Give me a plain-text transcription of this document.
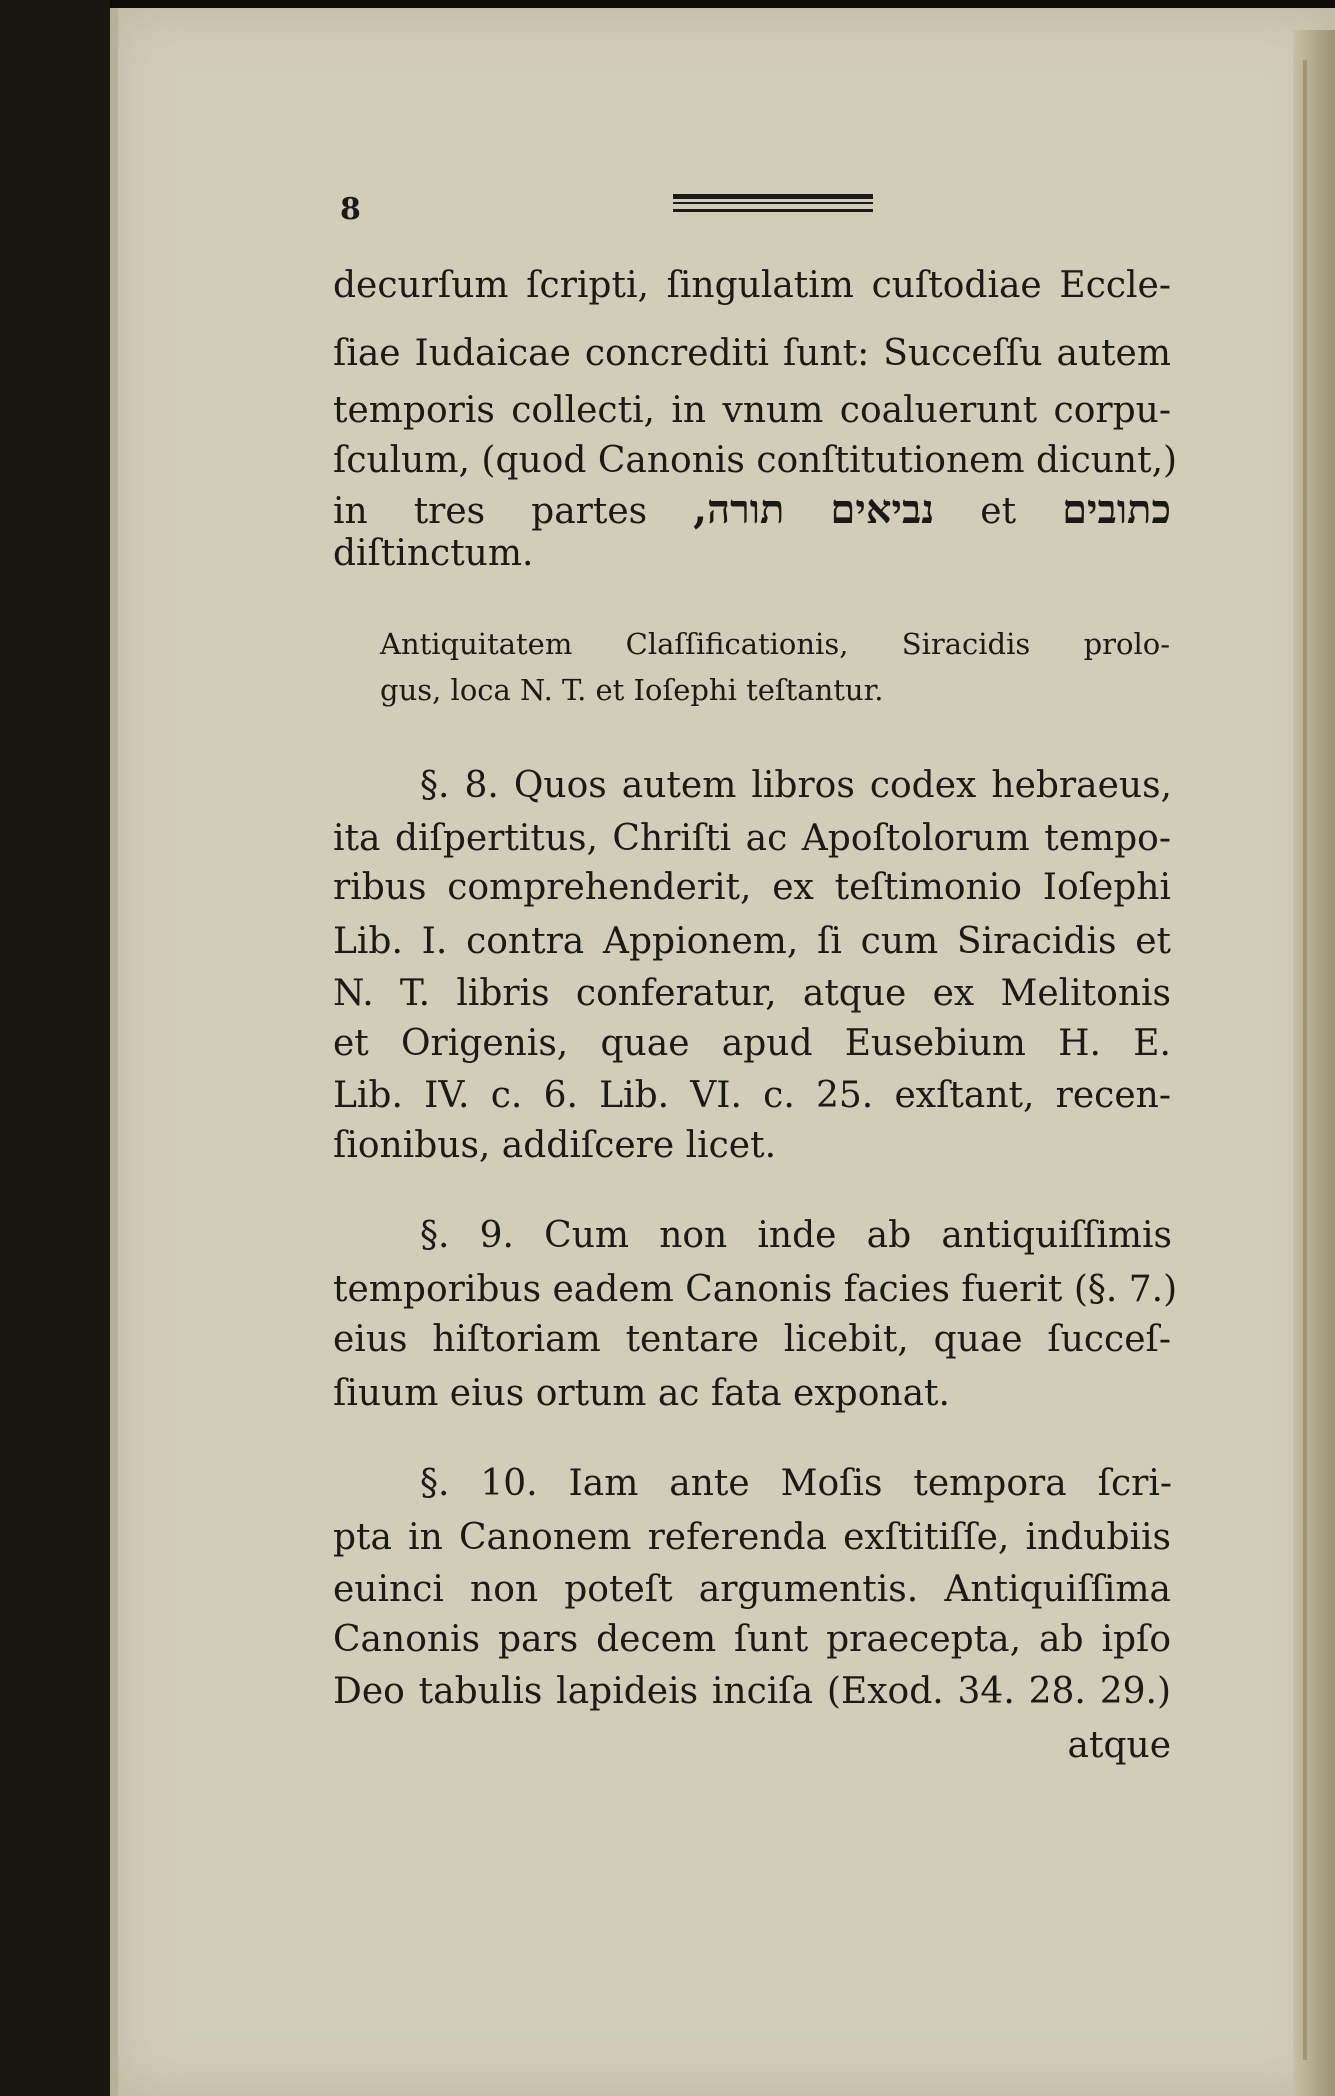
8
decurſum ſcripti, ſingulatim cuſtodiae Eccle-
ſiae Iudaicae concrediti ſunt: Succeſſu autem
temporis collecti, in vnum coaluerunt corpu-
ſculum, (quod Canonis conſtitutionem dicunt,)
in tres partes תורה, נביאים et כתובים
diſtinctum.
Antiquitatem Claſſificationis, Siracidis prolo-
gus, loca N. T. et Ioſephi teſtantur.
§. 8. Quos autem libros codex hebraeus,
ita diſpertitus, Chriſti ac Apoſtolorum tempo-
ribus comprehenderit, ex teſtimonio Ioſephi
Lib. I. contra Appionem, ſi cum Siracidis et
N. T. libris conferatur, atque ex Melitonis
et Origenis, quae apud Eusebium H. E.
Lib. IV. c. 6. Lib. VI. c. 25. exſtant, recen-
ſionibus, addiſcere licet.
§. 9. Cum non inde ab antiquiſſimis
temporibus eadem Canonis facies fuerit (§. 7.)
eius hiſtoriam tentare licebit, quae ſucceſ-
ſiuum eius ortum ac fata exponat.
§. 10. Iam ante Moſis tempora ſcri-
pta in Canonem referenda exſtitiſſe, indubiis
euinci non poteſt argumentis. Antiquiſſima
Canonis pars decem ſunt praecepta, ab ipſo
Deo tabulis lapideis inciſa (Exod. 34. 28. 29.)
atque
